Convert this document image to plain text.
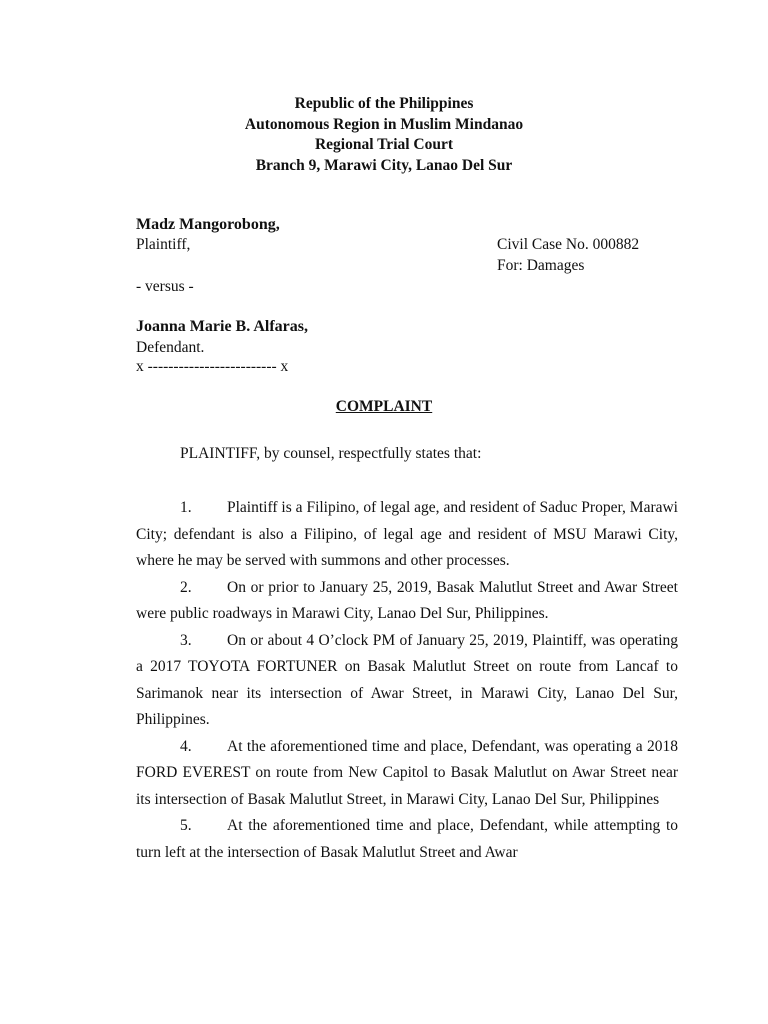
Republic of the Philippines
Autonomous Region in Muslim Mindanao
Regional Trial Court
Branch 9, Marawi City, Lanao Del Sur
Madz Mangorobong,
Plaintiff,	Civil Case No. 000882
For: Damages
- versus -
Joanna Marie B. Alfaras,
Defendant.
x ------------------------- x
COMPLAINT
PLAINTIFF, by counsel, respectfully states that:

1. Plaintiff is a Filipino, of legal age, and resident of Saduc Proper, Marawi City; defendant is also a Filipino, of legal age and resident of MSU Marawi City, where he may be served with summons and other processes.

2. On or prior to January 25, 2019, Basak Malutlut Street and Awar Street were public roadways in Marawi City, Lanao Del Sur, Philippines.

3. On or about 4 O’clock PM of January 25, 2019, Plaintiff, was operating a 2017 TOYOTA FORTUNER on Basak Malutlut Street on route from Lancaf to Sarimanok near its intersection of Awar Street, in Marawi City, Lanao Del Sur, Philippines.

4. At the aforementioned time and place, Defendant, was operating a 2018 FORD EVEREST on route from New Capitol to Basak Malutlut on Awar Street near its intersection of Basak Malutlut Street, in Marawi City, Lanao Del Sur, Philippines

5. At the aforementioned time and place, Defendant, while attempting to turn left at the intersection of Basak Malutlut Street and Awar
